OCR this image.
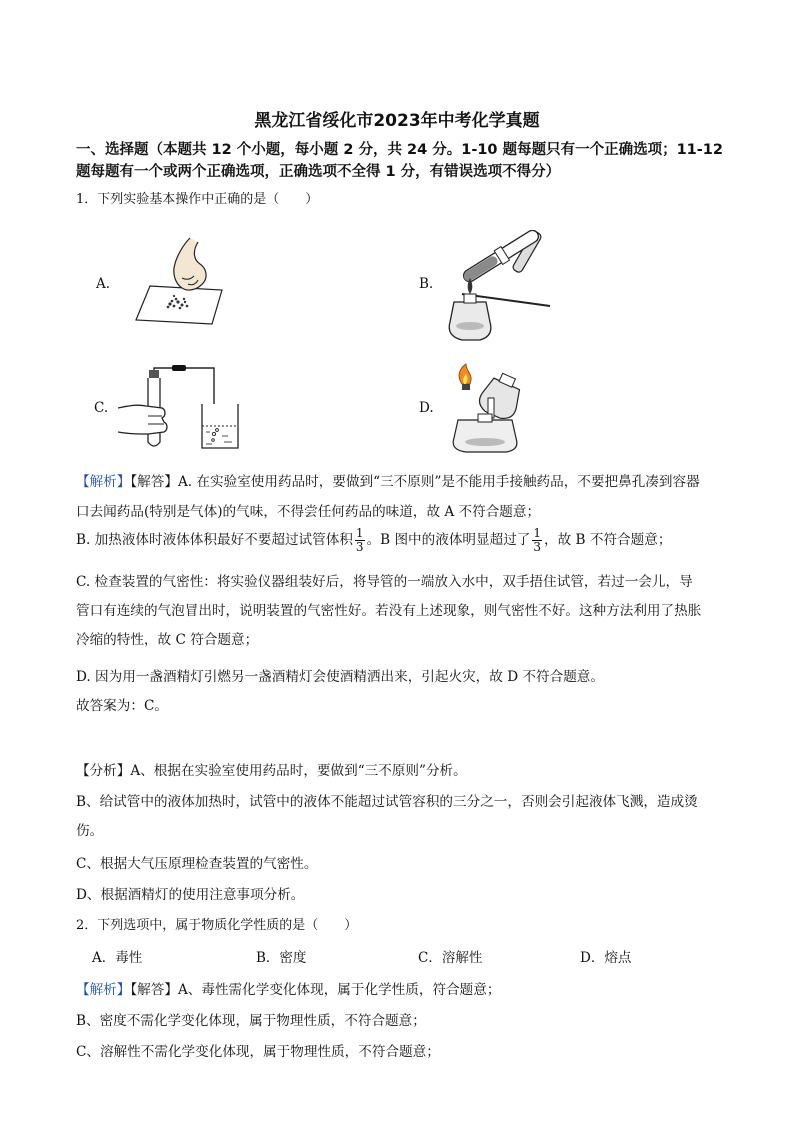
黑龙江省绥化市2023年中考化学真题
一、选择题（本题共 12 个小题，每小题 2 分，共 24 分。1-10 题每题只有一个正确选项；11-12
题每题有一个或两个正确选项，正确选项不全得 1 分，有错误选项不得分）
1．下列实验基本操作中正确的是（　　）
A.	B.
C.	D.
【解析】【解答】A. 在实验室使用药品时，要做到“三不原则”是不能用手接触药品，不要把鼻孔凑到容器
口去闻药品(特别是气体)的气味，不得尝任何药品的味道，故 A 不符合题意；
B. 加热液体时液体体积最好不要超过试管体积 $\frac{1}{3}$ 。B 图中的液体明显超过了 $\frac{1}{3}$ ，故 B 不符合题意；
C. 检查装置的气密性：将实验仪器组装好后，将导管的一端放入水中，双手捂住试管，若过一会儿，导
管口有连续的气泡冒出时，说明装置的气密性好。若没有上述现象，则气密性不好。这种方法利用了热胀
冷缩的特性，故 C 符合题意；
D. 因为用一盏酒精灯引燃另一盏酒精灯会使酒精洒出来，引起火灾，故 D 不符合题意。
故答案为：C。
【分析】A、根据在实验室使用药品时，要做到“三不原则”分析。
B、给试管中的液体加热时，试管中的液体不能超过试管容积的三分之一，否则会引起液体飞溅，造成烫
伤。
C、根据大气压原理检查装置的气密性。
D、根据酒精灯的使用注意事项分析。
2．下列选项中，属于物质化学性质的是（　　）
A．毒性	B．密度	C．溶解性	D．熔点
【解析】【解答】A、毒性需化学变化体现，属于化学性质，符合题意；
B、密度不需化学变化体现，属于物理性质，不符合题意；
C、溶解性不需化学变化体现，属于物理性质，不符合题意；
